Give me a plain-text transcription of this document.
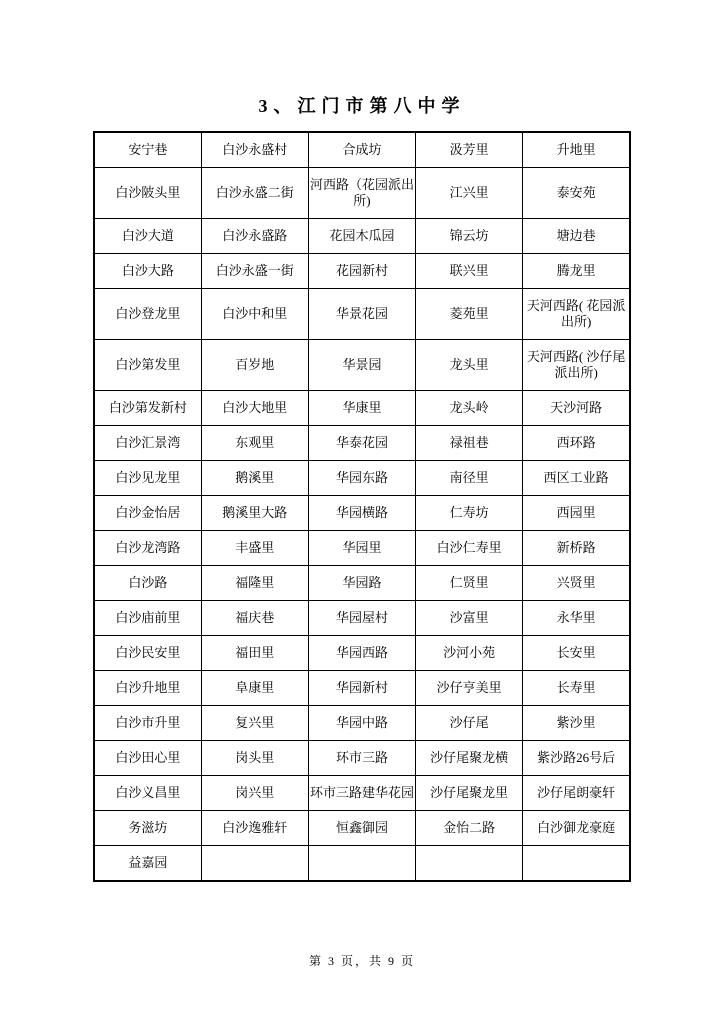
3、江门市第八中学
安宁巷	白沙永盛村	合成坊	汲芳里	升地里
白沙陂头里	白沙永盛二街	河西路（花园派出所)	江兴里	泰安苑
白沙大道	白沙永盛路	花园木瓜园	锦云坊	塘边巷
白沙大路	白沙永盛一街	花园新村	联兴里	腾龙里
白沙登龙里	白沙中和里	华景花园	菱苑里	天河西路( 花园派出所)
白沙第发里	百岁地	华景园	龙头里	天河西路( 沙仔尾派出所)
白沙第发新村	白沙大地里	华康里	龙头岭	天沙河路
白沙汇景湾	东观里	华泰花园	禄祖巷	西环路
白沙见龙里	鹅溪里	华园东路	南径里	西区工业路
白沙金怡居	鹅溪里大路	华园横路	仁寿坊	西园里
白沙龙湾路	丰盛里	华园里	白沙仁寿里	新桥路
白沙路	福隆里	华园路	仁贤里	兴贤里
白沙庙前里	福庆巷	华园屋村	沙富里	永华里
白沙民安里	福田里	华园西路	沙河小苑	长安里
白沙升地里	阜康里	华园新村	沙仔亨美里	长寿里
白沙市升里	复兴里	华园中路	沙仔尾	紫沙里
白沙田心里	岗头里	环市三路	沙仔尾聚龙横	紫沙路26号后
白沙义昌里	岗兴里	环市三路建华花园	沙仔尾聚龙里	沙仔尾朗豪轩
务滋坊	白沙逸雅轩	恒鑫御园	金怡二路	白沙御龙豪庭
益嘉园				
第 3 页，共 9 页
